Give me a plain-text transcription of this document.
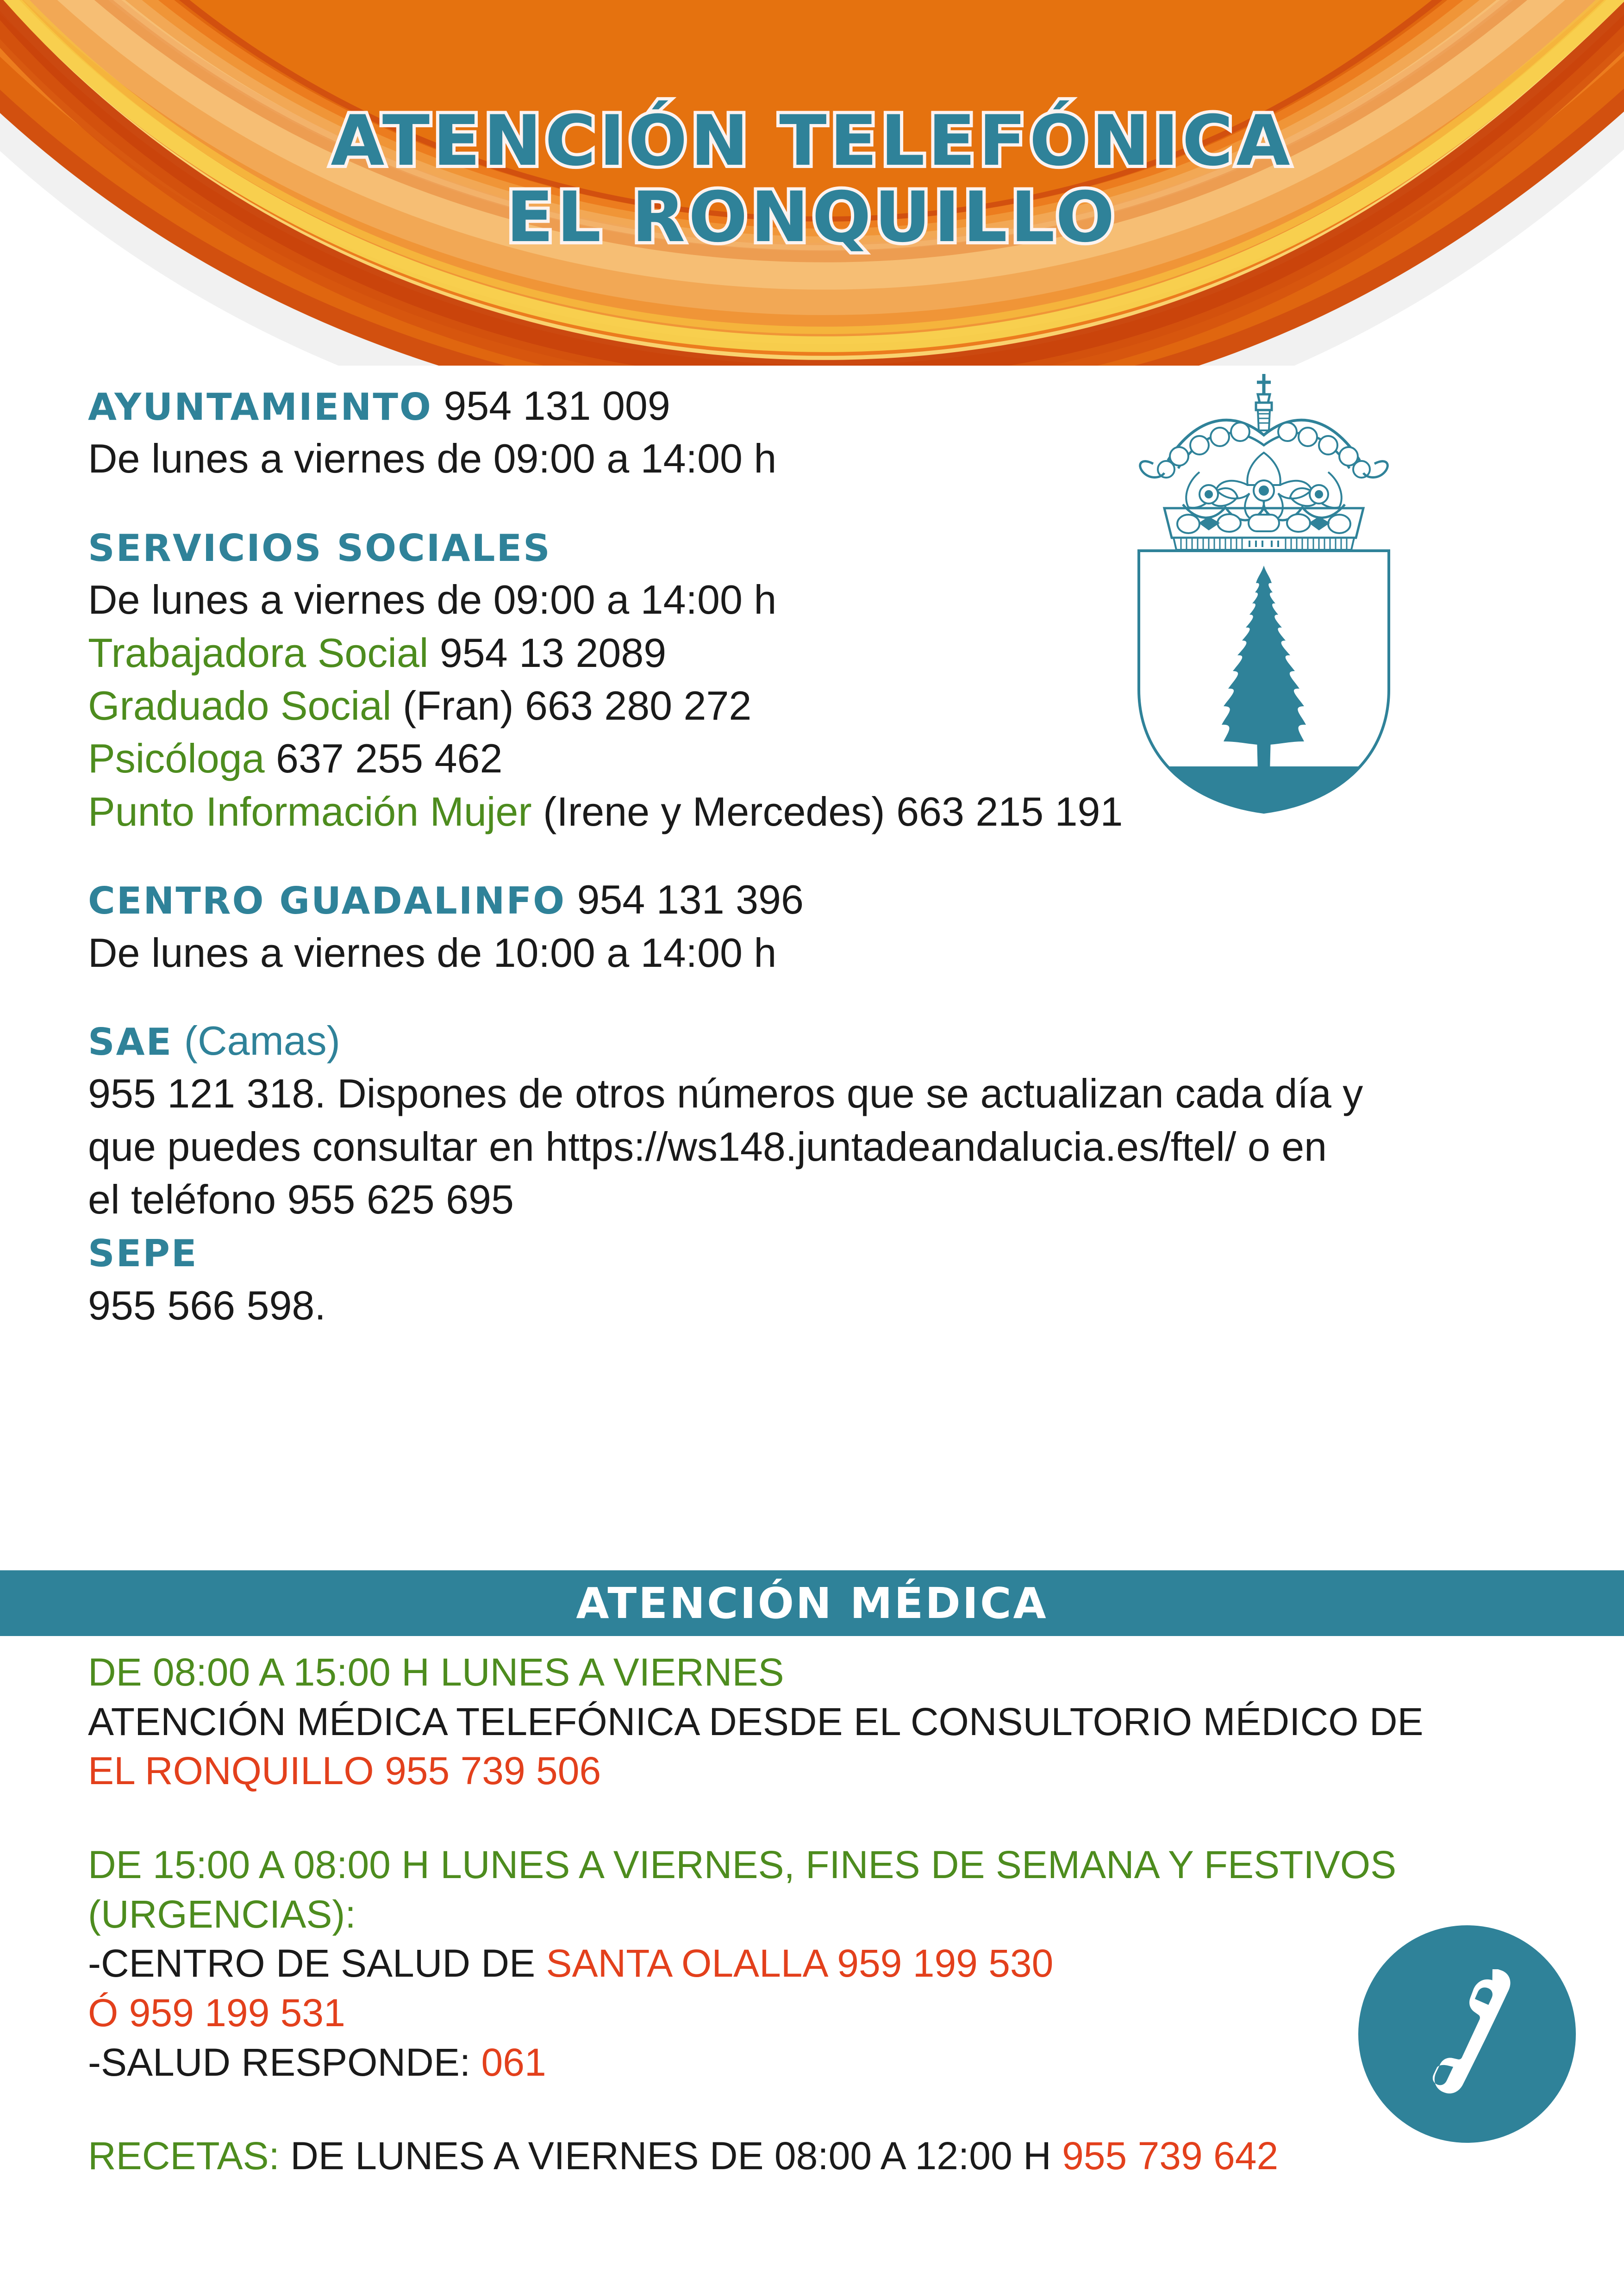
ATENCIÓN TELEFÓNICA
EL RONQUILLO
AYUNTAMIENTO 954 131 009
De lunes a viernes de 09:00 a 14:00 h
SERVICIOS SOCIALES
De lunes a viernes de 09:00 a 14:00 h
Trabajadora Social 954 13 2089
Graduado Social (Fran) 663 280 272
Psicóloga 637 255 462
Punto Información Mujer (Irene y Mercedes) 663 215 191
CENTRO GUADALINFO 954 131 396
De lunes a viernes de 10:00 a 14:00 h
SAE (Camas)
955 121 318. Dispones de otros números que se actualizan cada día y
que puedes consultar en https://ws148.juntadeandalucia.es/ftel/ o en
el teléfono 955 625 695
SEPE
955 566 598.
ATENCIÓN MÉDICA
DE 08:00 A 15:00 H LUNES A VIERNES
ATENCIÓN MÉDICA TELEFÓNICA DESDE EL CONSULTORIO MÉDICO DE
EL RONQUILLO 955 739 506
DE 15:00 A 08:00 H LUNES A VIERNES, FINES DE SEMANA Y FESTIVOS
(URGENCIAS):
-CENTRO DE SALUD DE SANTA OLALLA 959 199 530
Ó 959 199 531
-SALUD RESPONDE: 061
RECETAS: DE LUNES A VIERNES DE 08:00 A 12:00 H 955 739 642
